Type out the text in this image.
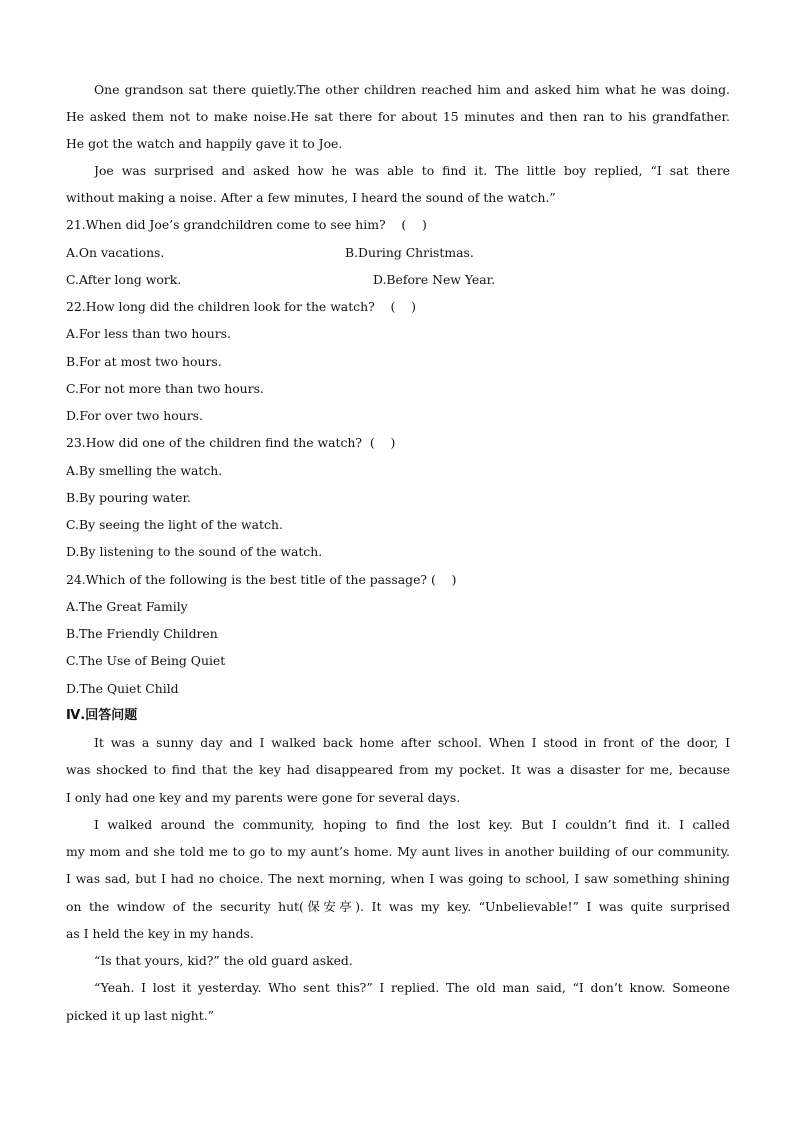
One grandson sat there quietly.The other children reached him and asked him what he was doing.
He asked them not to make noise.He sat there for about 15 minutes and then ran to his grandfather.
He got the watch and happily gave it to Joe.
Joe was surprised and asked how he was able to find it. The little boy replied, “I sat there
without making a noise. After a few minutes, I heard the sound of the watch.”
21.When did Joe’s grandchildren come to see him?    (    )
A.On vacations.	B.During Christmas.
C.After long work.	D.Before New Year.
22.How long did the children look for the watch?    (    )
A.For less than two hours.
B.For at most two hours.
C.For not more than two hours.
D.For over two hours.
23.How did one of the children find the watch?  (    )
A.By smelling the watch.
B.By pouring water.
C.By seeing the light of the watch.
D.By listening to the sound of the watch.
24.Which of the following is the best title of the passage? (    )
A.The Great Family
B.The Friendly Children
C.The Use of Being Quiet
D.The Quiet Child
Ⅳ.回答问题
It was a sunny day and I walked back home after school. When I stood in front of the door, I
was shocked to find that the key had disappeared from my pocket. It was a disaster for me, because
I only had one key and my parents were gone for several days.
I walked around the community, hoping to find the lost key. But I couldn’t find it. I called
my mom and she told me to go to my aunt’s home. My aunt lives in another building of our community.
I was sad, but I had no choice. The next morning, when I was going to school, I saw something shining
on the window of the security hut(保安亭). It was my key. “Unbelievable!” I was quite surprised
as I held the key in my hands.
“Is that yours, kid?” the old guard asked.
“Yeah. I lost it yesterday. Who sent this?” I replied. The old man said, “I don’t know. Someone
picked it up last night.”
